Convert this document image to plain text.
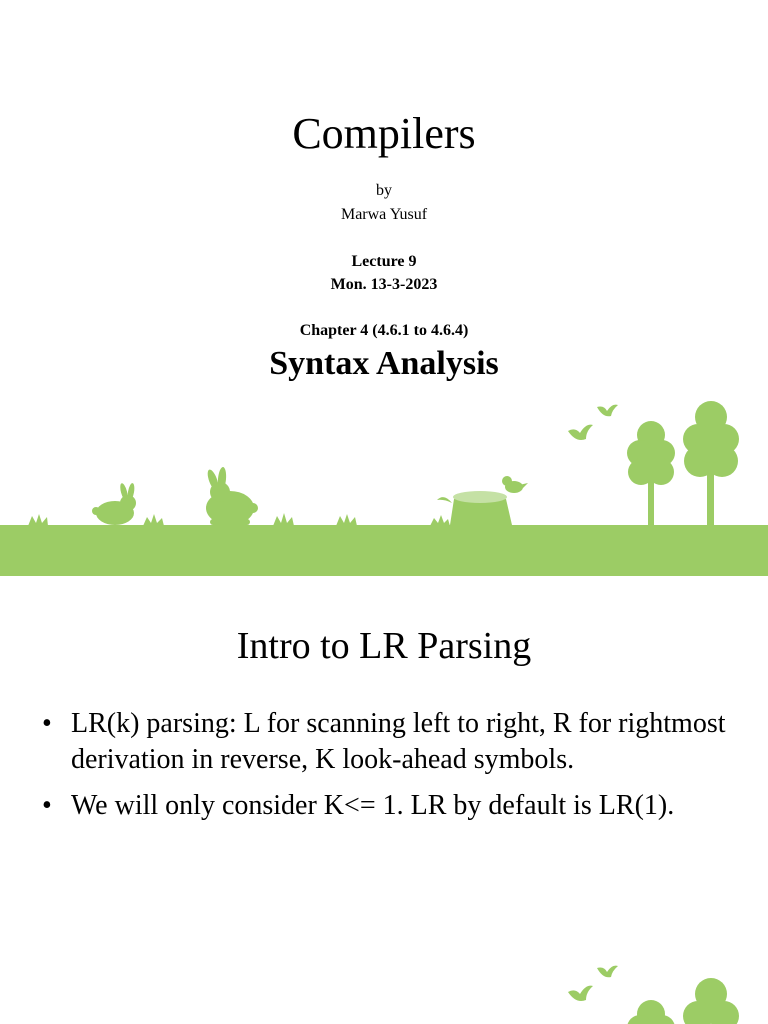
Compilers
by
Marwa Yusuf
Lecture 9
Mon. 13-3-2023
Chapter 4 (4.6.1 to 4.6.4)
Syntax Analysis
Intro to LR Parsing
• LR(k) parsing: L for scanning left to right, R for rightmost derivation in reverse, K look-ahead symbols.
• We will only consider K<= 1. LR by default is LR(1).
